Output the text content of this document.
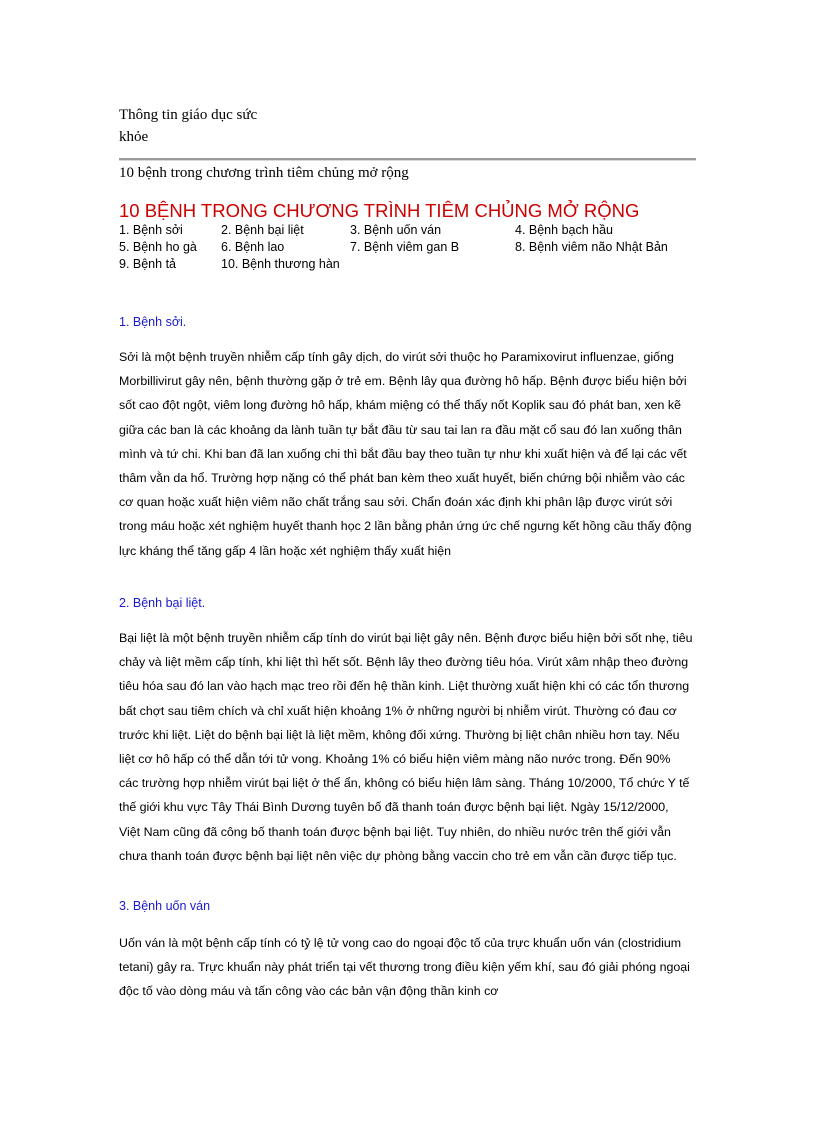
Thông tin giáo dục sức khỏe
10 bệnh trong chương trình tiêm chủng mở rộng
10 BỆNH TRONG CHƯƠNG TRÌNH TIÊM CHỦNG MỞ RỘNG
1. Bệnh sởi	2. Bệnh bại liệt	3. Bệnh uốn ván	4. Bệnh bạch hầu
5. Bệnh ho gà 6. Bệnh lao	7. Bệnh viêm gan B	8. Bệnh viêm não Nhật Bản
9. Bệnh tả	10. Bệnh thương hàn
1. Bệnh sởi.

Sởi là một bệnh truyền nhiễm cấp tính gây dịch, do virút sởi thuộc họ Paramixovirut influenzae, giống Morbillivirut gây nên, bệnh thường gặp ở trẻ em. Bệnh lây qua đường hô hấp. Bệnh được biểu hiện bởi sốt cao đột ngột, viêm long đường hô hấp, khám miệng có thể thấy nốt Koplik sau đó phát ban, xen kẽ giữa các ban là các khoảng da lành tuần tự bắt đầu từ sau tai lan ra đầu mặt cổ sau đó lan xuống thân mình và tứ chi. Khi ban đã lan xuống chi thì bắt đầu bay theo tuần tự như khi xuất hiện và để lại các vết thâm vằn da hổ. Trường hợp nặng có thể phát ban kèm theo xuất huyết, biến chứng bội nhiễm vào các cơ quan hoặc xuất hiện viêm não chất trắng sau sởi. Chẩn đoán xác định khi phân lập được virút sởi trong máu hoặc xét nghiệm huyết thanh học 2 lần bằng phản ứng ức chế ngưng kết hồng cầu thấy động lực kháng thể tăng gấp 4 lần hoặc xét nghiệm thấy xuất hiện

2. Bệnh bại liệt.

Bại liệt là một bệnh truyền nhiễm cấp tính do virút bại liệt gây nên. Bệnh được biểu hiện bởi sốt nhẹ, tiêu chảy và liệt mềm cấp tính, khi liệt thì hết sốt. Bệnh lây theo đường tiêu hóa. Virút xâm nhập theo đường tiêu hóa sau đó lan vào hạch mạc treo rồi đến hệ thần kinh. Liệt thường xuất hiện khi có các tổn thương bất chợt sau tiêm chích và chỉ xuất hiện khoảng 1% ở những người bị nhiễm virút. Thường có đau cơ trước khi liệt. Liệt do bệnh bại liệt là liệt mềm, không đối xứng. Thường bị liệt chân nhiều hơn tay. Nếu liệt cơ hô hấp có thể dẫn tới tử vong. Khoảng 1% có biểu hiện viêm màng não nước trong. Đến 90% các trường hợp nhiễm virút bại liệt ở thể ẩn, không có biểu hiện lâm sàng. Tháng 10/2000, Tổ chức Y tế thế giới khu vực Tây Thái Bình Dương tuyên bố đã thanh toán được bệnh bại liệt. Ngày 15/12/2000, Việt Nam cũng đã công bố thanh toán được bệnh bại liệt. Tuy nhiên, do nhiều nước trên thế giới vẫn chưa thanh toán được bệnh bại liệt nên việc dự phòng bằng vaccin cho trẻ em vẫn cần được tiếp tục.

3. Bệnh uốn ván

Uốn ván là một bệnh cấp tính có tỷ lệ tử vong cao do ngoại độc tố của trực khuẩn uốn ván (clostridium tetani) gây ra. Trực khuẩn này phát triển tại vết thương trong điều kiện yếm khí, sau đó giải phóng ngoại độc tố vào dòng máu và tấn công vào các bản vận động thần kinh cơ
